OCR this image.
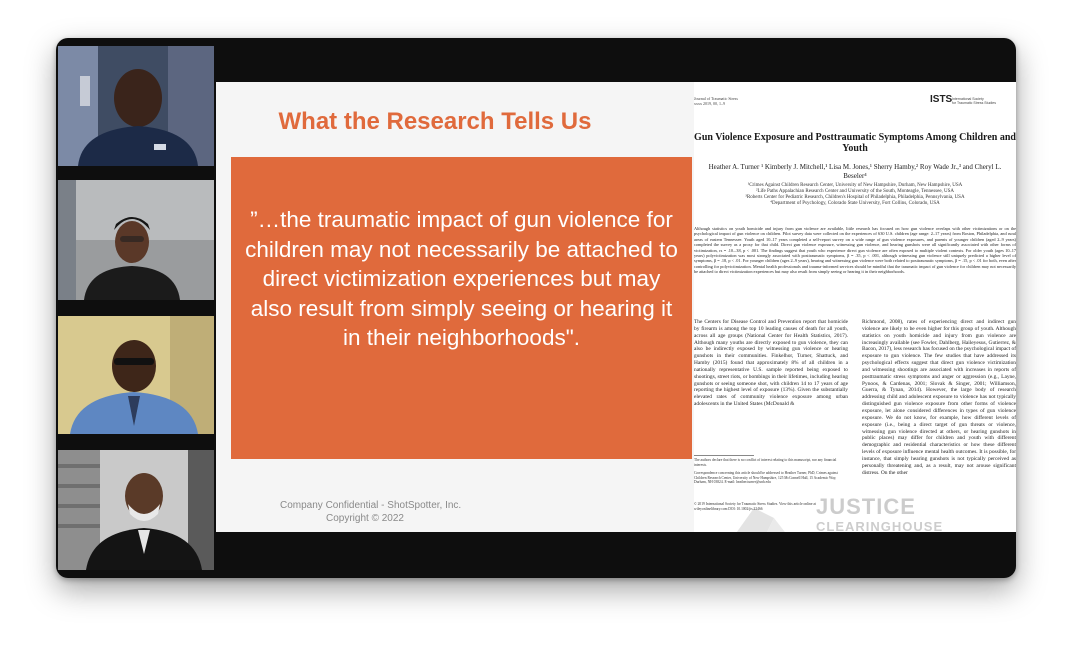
What the Research Tells Us
”…the traumatic impact of gun violence for children may not necessarily be attached to direct victimization experiences but may also result from simply seeing or hearing it in their neighborhoods".
Company Confidential - ShotSpotter, Inc.
Copyright © 2022
Journal of Traumatic Stress
xxxx 2019, 00, 1–9	ISTS International Society
for Traumatic Stress Studies
Gun Violence Exposure and Posttraumatic Symptoms Among Children and Youth
Heather A. Turner ¹ Kimberly J. Mitchell,¹ Lisa M. Jones,¹ Sherry Hamby,² Roy Wade Jr.,³ and Cheryl L. Beseler⁴
¹Crimes Against Children Research Center, University of New Hampshire, Durham, New Hampshire, USA
²Life Paths Appalachian Research Center and University of the South, Monteagle, Tennessee, USA
³Roberts Center for Pediatric Research, Children's Hospital of Philadelphia, Philadelphia, Pennsylvania, USA
⁴Department of Psychology, Colorado State University, Fort Collins, Colorado, USA
Although statistics on youth homicide and injury from gun violence are available, little research has focused on how gun violence overlaps with other victimizations or on the psychological impact of gun violence on children. Pilot survey data were collected on the experiences of 630 U.S. children (age range: 2–17 years) from Boston, Philadelphia, and rural areas of eastern Tennessee. Youth aged 10–17 years completed a self-report survey on a wide range of gun violence exposures, and parents of younger children (aged 2–9 years) completed the survey as a proxy for that child. Direct gun violence exposure, witnessing gun violence, and hearing gunshots were all significantly associated with other forms of victimization, rs = .10–.38, p < .001. The findings suggest that youth who experience direct gun violence are often exposed to multiple violent contexts. For older youth (ages 10–17 years) polyvictimization was most strongly associated with posttraumatic symptoms, β = .35, p < .001, although witnessing gun violence still uniquely predicted a higher level of symptoms, β = .18, p < .01. For younger children (ages 2–9 years), hearing and witnessing gun violence were both related to posttraumatic symptoms, β = .15, p < .01 for both, even after controlling for polyvictimization. Mental health professionals and trauma-informed services should be mindful that the traumatic impact of gun violence for children may not necessarily be attached to direct victimization experiences but may also result from simply seeing or hearing it in their neighborhoods.
The Centers for Disease Control and Prevention report that homicide by firearm is among the top 10 leading causes of death for all youth, across all age groups (National Center for Health Statistics, 2017). Although many youths are directly exposed to gun violence, they can also be indirectly exposed by witnessing gun violence or hearing gunshots in their communities. Finkelhor, Turner, Shattuck, and Hamby (2015) found that approximately 8% of all children in a nationally representative U.S. sample reported being exposed to shootings, street riots, or bombings in their lifetimes, including hearing gunshots or seeing someone shot, with children 14 to 17 years of age reporting the highest level of exposure (13%). Given the substantially elevated rates of community violence exposure among urban adolescents in the United States (McDonald &
Richmond, 2008), rates of experiencing direct and indirect gun violence are likely to be even higher for this group of youth. Although statistics on youth homicide and injury from gun violence are increasingly available (see Fowler, Dahlberg, Haileyesus, Gutierrez, & Bacon, 2017), less research has focused on the psychological impact of exposure to gun violence. The few studies that have addressed its psychological effects suggest that direct gun violence victimization and witnessing shootings are associated with increases in reports of posttraumatic stress symptoms and anger or aggression (e.g., Layne, Pynoos, & Cardenas, 2001; Slovak & Singer, 2001; Williamson, Guerra, & Tynan, 2014). However, the large body of research addressing child and adolescent exposure to violence has not typically distinguished gun violence exposure from other forms of violence exposure, let alone considered differences in types of gun violence exposure. We do not know, for example, how different levels of exposure (i.e., being a direct target of gun threats or violence, witnessing gun violence directed at others, or hearing gunshots in public places) may differ for children and youth with different demographic and residential characteristics or how these different levels of exposure influence mental health outcomes. It is possible, for instance, that simply hearing gunshots is not typically perceived as personally threatening and, as a result, may not arouse significant distress. On the other
The authors declare that there is no conflict of interest relating to this manuscript, nor any financial interests.
Correspondence concerning this article should be addressed to Heather Turner, PhD, Crimes against Children Research Center, University of New Hampshire, 125 McConnell Hall, 15 Academic Way, Durham, NH 03824. E-mail: heather.turner@unh.edu
© 2019 International Society for Traumatic Stress Studies. View this article online at wileyonlinelibrary.com DOI: 10.1002/jts.22466	JUSTICE
CLEARINGHOUSE
